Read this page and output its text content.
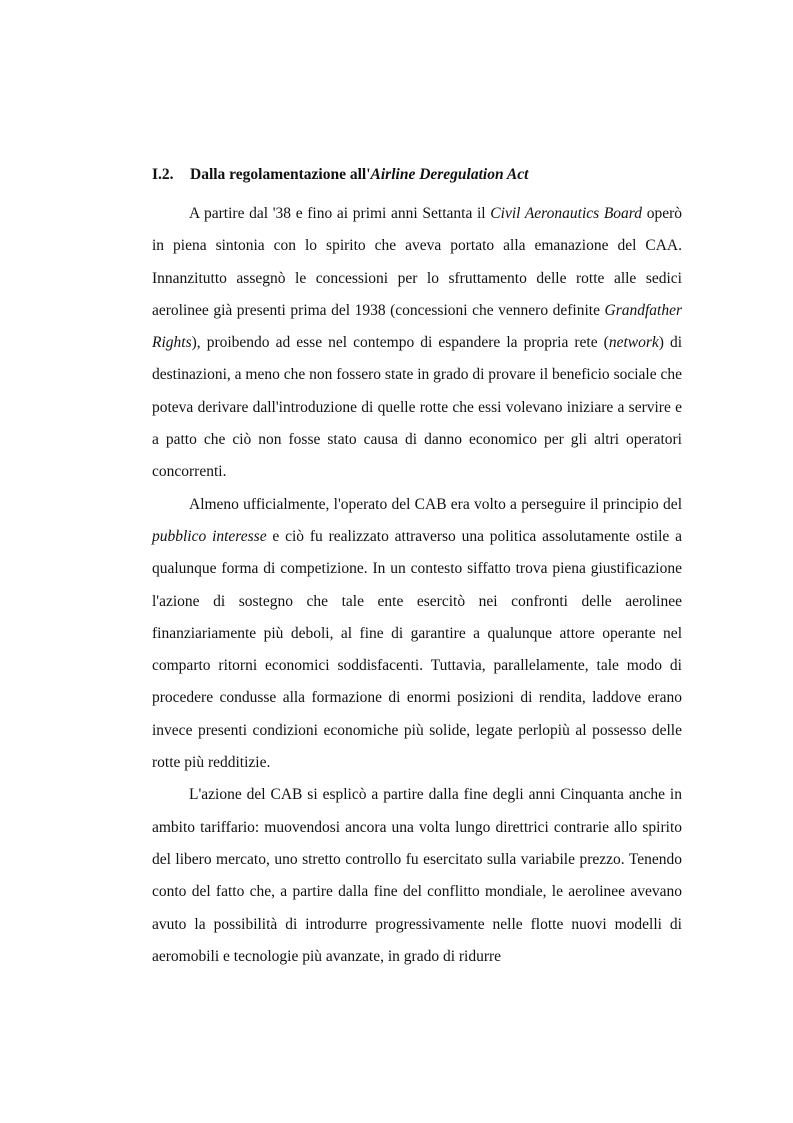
I.2. Dalla regolamentazione all'Airline Deregulation Act

A partire dal '38 e fino ai primi anni Settanta il Civil Aeronautics Board operò in piena sintonia con lo spirito che aveva portato alla emanazione del CAA. Innanzitutto assegnò le concessioni per lo sfruttamento delle rotte alle sedici aerolinee già presenti prima del 1938 (concessioni che vennero definite Grandfather Rights), proibendo ad esse nel contempo di espandere la propria rete (network) di destinazioni, a meno che non fossero state in grado di provare il beneficio sociale che poteva derivare dall'introduzione di quelle rotte che essi volevano iniziare a servire e a patto che ciò non fosse stato causa di danno economico per gli altri operatori concorrenti.

Almeno ufficialmente, l'operato del CAB era volto a perseguire il principio del pubblico interesse e ciò fu realizzato attraverso una politica assolutamente ostile a qualunque forma di competizione. In un contesto siffatto trova piena giustificazione l'azione di sostegno che tale ente esercitò nei confronti delle aerolinee finanziariamente più deboli, al fine di garantire a qualunque attore operante nel comparto ritorni economici soddisfacenti. Tuttavia, parallelamente, tale modo di procedere condusse alla formazione di enormi posizioni di rendita, laddove erano invece presenti condizioni economiche più solide, legate perlopiù al possesso delle rotte più redditizie.

L'azione del CAB si esplicò a partire dalla fine degli anni Cinquanta anche in ambito tariffario: muovendosi ancora una volta lungo direttrici contrarie allo spirito del libero mercato, uno stretto controllo fu esercitato sulla variabile prezzo. Tenendo conto del fatto che, a partire dalla fine del conflitto mondiale, le aerolinee avevano avuto la possibilità di introdurre progressivamente nelle flotte nuovi modelli di aeromobili e tecnologie più avanzate, in grado di ridurre
